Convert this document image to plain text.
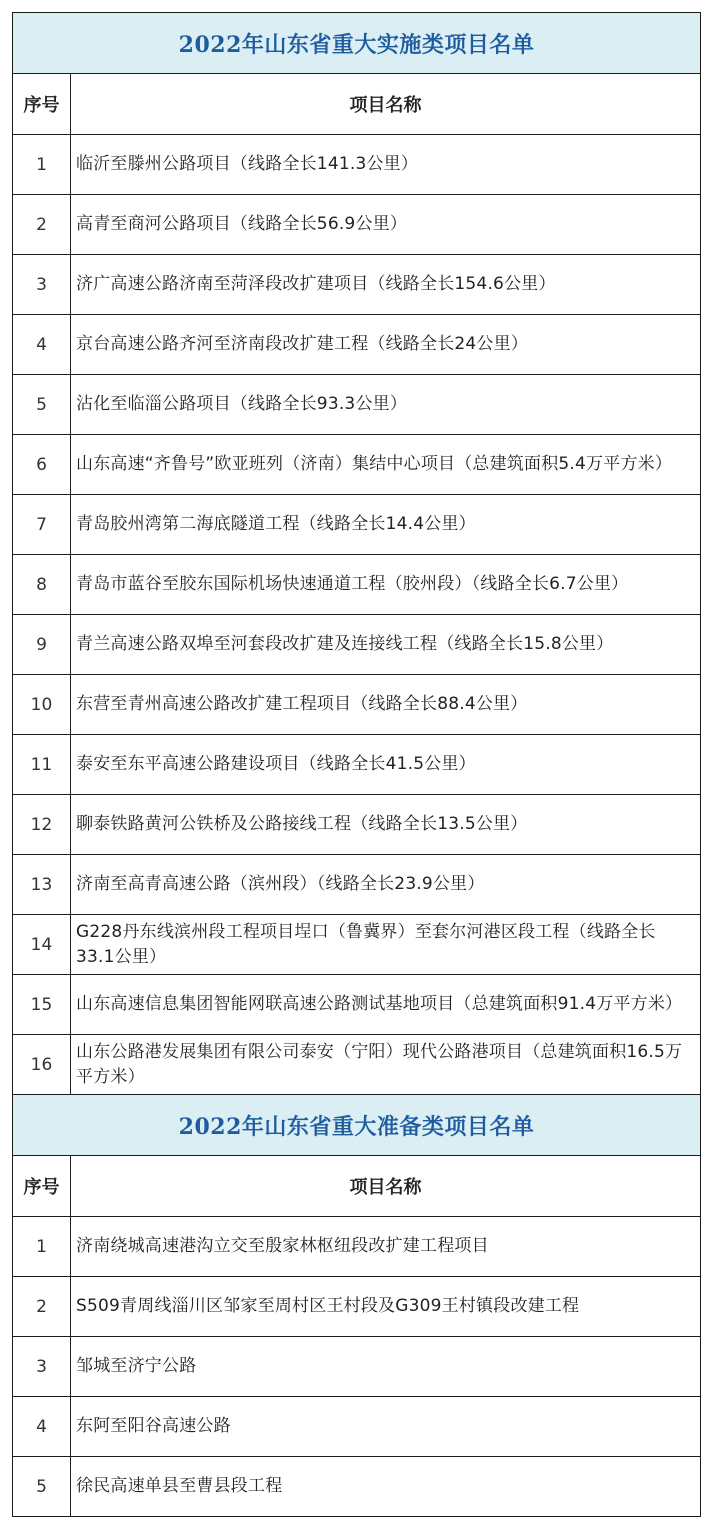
2022年山东省重大实施类项目名单	
序号	项目名称
1	临沂至滕州公路项目（线路全长141.3公里）
2	高青至商河公路项目（线路全长56.9公里）
3	济广高速公路济南至菏泽段改扩建项目（线路全长154.6公里）
4	京台高速公路齐河至济南段改扩建工程（线路全长24公里）
5	沾化至临淄公路项目（线路全长93.3公里）
6	山东高速“齐鲁号”欧亚班列（济南）集结中心项目（总建筑面积5.4万平方米）
7	青岛胶州湾第二海底隧道工程（线路全长14.4公里）
8	青岛市蓝谷至胶东国际机场快速通道工程（胶州段）（线路全长6.7公里）
9	青兰高速公路双埠至河套段改扩建及连接线工程（线路全长15.8公里）
10	东营至青州高速公路改扩建工程项目（线路全长88.4公里）
11	泰安至东平高速公路建设项目（线路全长41.5公里）
12	聊泰铁路黄河公铁桥及公路接线工程（线路全长13.5公里）
13	济南至高青高速公路（滨州段）（线路全长23.9公里）
14	G228丹东线滨州段工程项目埕口（鲁冀界）至套尔河港区段工程（线路全长33.1公里）
15	山东高速信息集团智能网联高速公路测试基地项目（总建筑面积91.4万平方米）
16	山东公路港发展集团有限公司泰安（宁阳）现代公路港项目（总建筑面积16.5万平方米）
2022年山东省重大准备类项目名单	
序号	项目名称
1	济南绕城高速港沟立交至殷家林枢纽段改扩建工程项目
2	S509青周线淄川区邹家至周村区王村段及G309王村镇段改建工程
3	邹城至济宁公路
4	东阿至阳谷高速公路
5	徐民高速单县至曹县段工程
